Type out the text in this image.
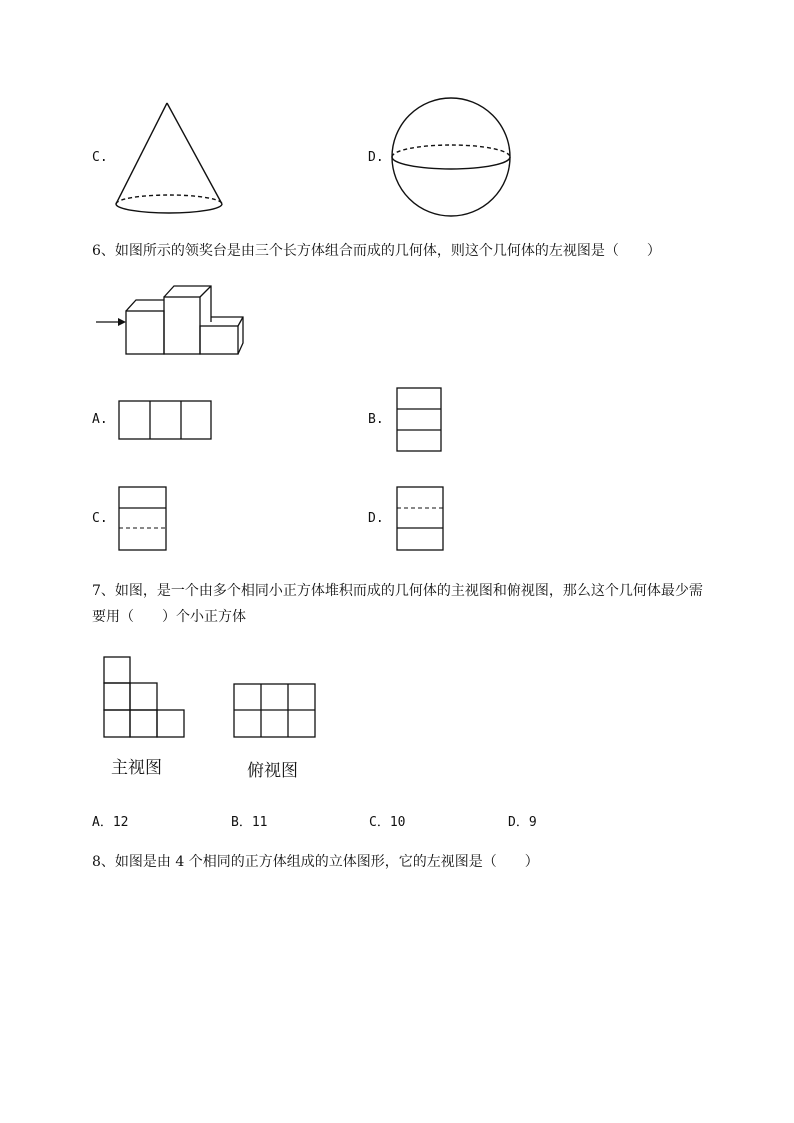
C.	D.
6、如图所示的领奖台是由三个长方体组合而成的几何体，则这个几何体的左视图是（　　）
A.	B.
C.	D.
7、如图，是一个由多个相同小正方体堆积而成的几何体的主视图和俯视图，那么这个几何体最少需
要用（　　）个小正方体
主视图	俯视图
A．12	B．11	C．10	D．9
8、如图是由 4 个相同的正方体组成的立体图形，它的左视图是（　　）
